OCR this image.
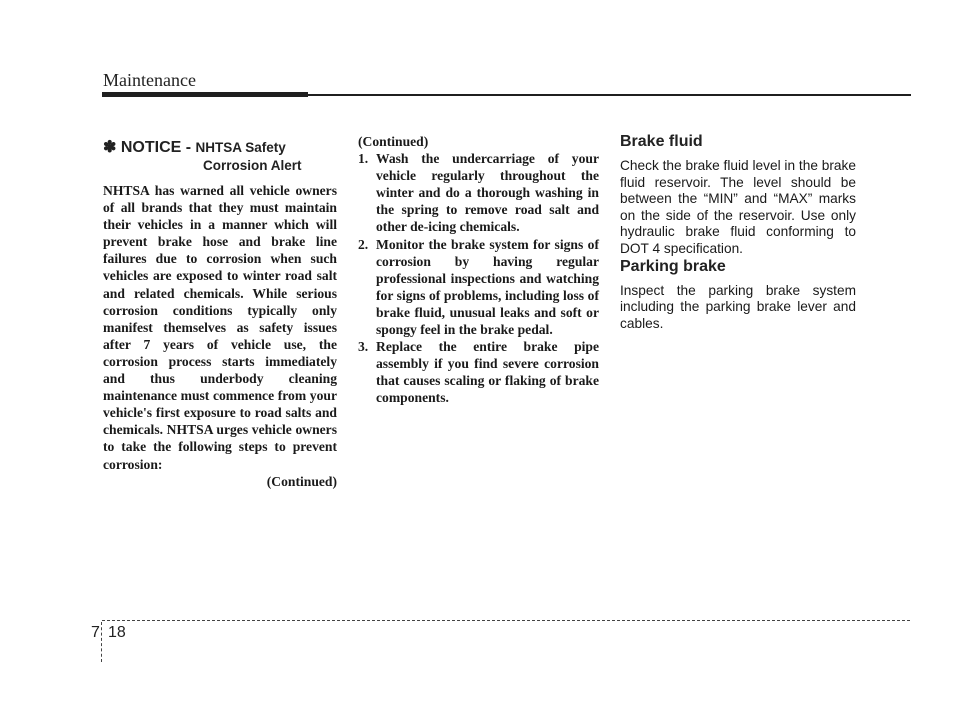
Maintenance
✽ NOTICE - NHTSA Safety
Corrosion Alert
NHTSA has warned all vehicle owners of all brands that they must maintain their vehicles in a manner which will prevent brake hose and brake line failures due to corrosion when such vehicles are exposed to winter road salt and related chemicals. While serious corrosion conditions typically only manifest themselves as safety issues after 7 years of vehicle use, the corrosion process starts immediately and thus underbody cleaning maintenance must commence from your vehicle's first exposure to road salts and chemicals. NHTSA urges vehicle owners to take the following steps to prevent corrosion:
(Continued)
(Continued)
1. Wash the undercarriage of your vehicle regularly throughout the winter and do a thorough washing in the spring to remove road salt and other de-icing chemicals.
2. Monitor the brake system for signs of corrosion by having regular professional inspections and watching for signs of problems, including loss of brake fluid, unusual leaks and soft or spongy feel in the brake pedal.
3. Replace the entire brake pipe assembly if you find severe corrosion that causes scaling or flaking of brake components.
Brake fluid
Check the brake fluid level in the brake fluid reservoir. The level should be between the “MIN” and “MAX” marks on the side of the reservoir. Use only hydraulic brake fluid conforming to DOT 4 specification.
Parking brake
Inspect the parking brake system including the parking brake lever and cables.
7 18
